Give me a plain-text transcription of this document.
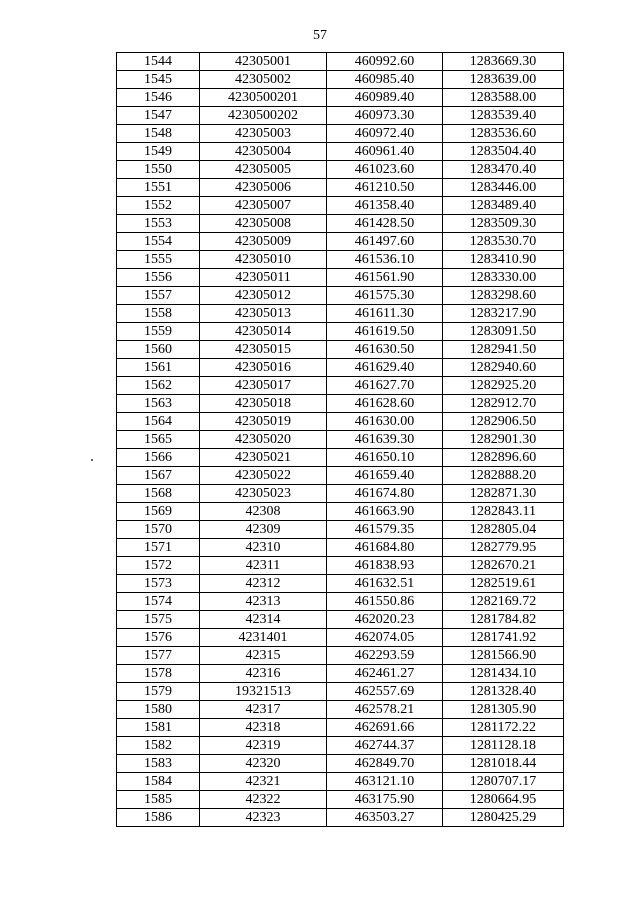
57
1544	42305001	460992.60	1283669.30
1545	42305002	460985.40	1283639.00
1546	4230500201	460989.40	1283588.00
1547	4230500202	460973.30	1283539.40
1548	42305003	460972.40	1283536.60
1549	42305004	460961.40	1283504.40
1550	42305005	461023.60	1283470.40
1551	42305006	461210.50	1283446.00
1552	42305007	461358.40	1283489.40
1553	42305008	461428.50	1283509.30
1554	42305009	461497.60	1283530.70
1555	42305010	461536.10	1283410.90
1556	42305011	461561.90	1283330.00
1557	42305012	461575.30	1283298.60
1558	42305013	461611.30	1283217.90
1559	42305014	461619.50	1283091.50
1560	42305015	461630.50	1282941.50
1561	42305016	461629.40	1282940.60
1562	42305017	461627.70	1282925.20
1563	42305018	461628.60	1282912.70
1564	42305019	461630.00	1282906.50
1565	42305020	461639.30	1282901.30
1566	42305021	461650.10	1282896.60
1567	42305022	461659.40	1282888.20
1568	42305023	461674.80	1282871.30
1569	42308	461663.90	1282843.11
1570	42309	461579.35	1282805.04
1571	42310	461684.80	1282779.95
1572	42311	461838.93	1282670.21
1573	42312	461632.51	1282519.61
1574	42313	461550.86	1282169.72
1575	42314	462020.23	1281784.82
1576	4231401	462074.05	1281741.92
1577	42315	462293.59	1281566.90
1578	42316	462461.27	1281434.10
1579	19321513	462557.69	1281328.40
1580	42317	462578.21	1281305.90
1581	42318	462691.66	1281172.22
1582	42319	462744.37	1281128.18
1583	42320	462849.70	1281018.44
1584	42321	463121.10	1280707.17
1585	42322	463175.90	1280664.95
1586	42323	463503.27	1280425.29
